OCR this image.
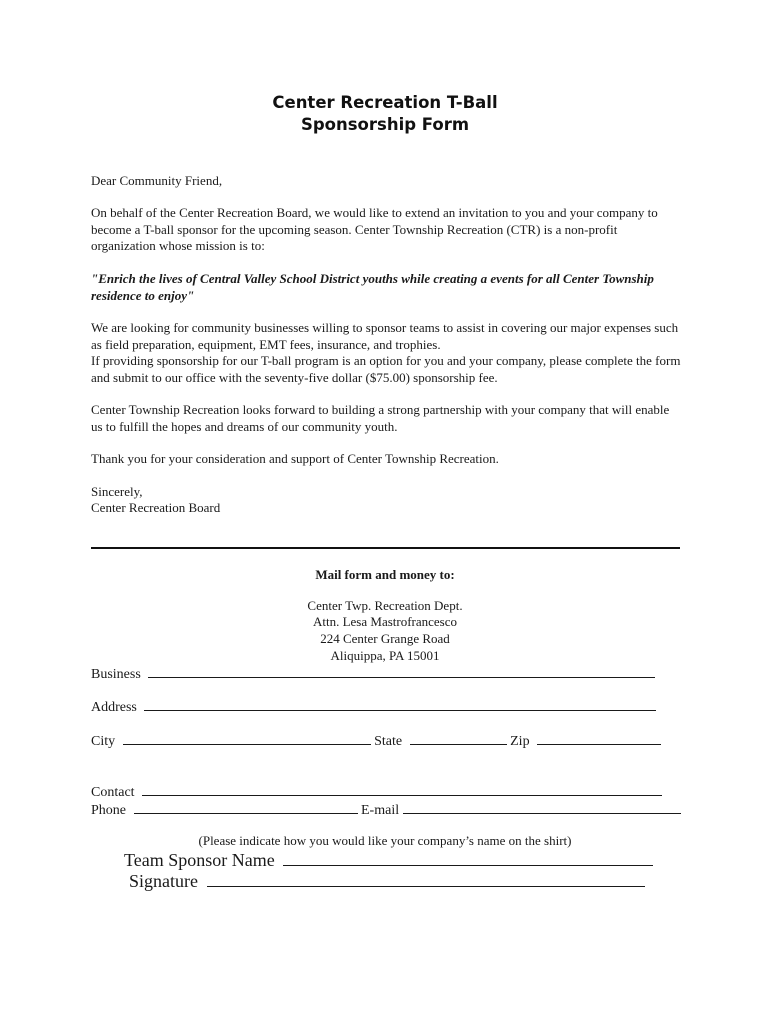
Center Recreation T-Ball
Sponsorship Form
Dear Community Friend,
On behalf of the Center Recreation Board, we would like to extend an invitation to you and your company to become a T-ball sponsor for the upcoming season. Center Township Recreation (CTR) is a non-profit organization whose mission is to:
"Enrich the lives of Central Valley School District youths while creating a events for all Center Township residence to enjoy"
We are looking for community businesses willing to sponsor teams to assist in covering our major expenses such as field preparation, equipment, EMT fees, insurance, and trophies.
If providing sponsorship for our T-ball program is an option for you and your company, please complete the form and submit to our office with the seventy-five dollar ($75.00) sponsorship fee.
Center Township Recreation looks forward to building a strong partnership with your company that will enable us to fulfill the hopes and dreams of our community youth.
Thank you for your consideration and support of Center Township Recreation.
Sincerely,
Center Recreation Board
Mail form and money to:
Center Twp. Recreation Dept.
Attn. Lesa Mastrofrancesco
224 Center Grange Road
Aliquippa, PA 15001
Business
Address
City	State	Zip
Contact
Phone	E-mail
(Please indicate how you would like your company’s name on the shirt)
Team Sponsor Name
Signature
